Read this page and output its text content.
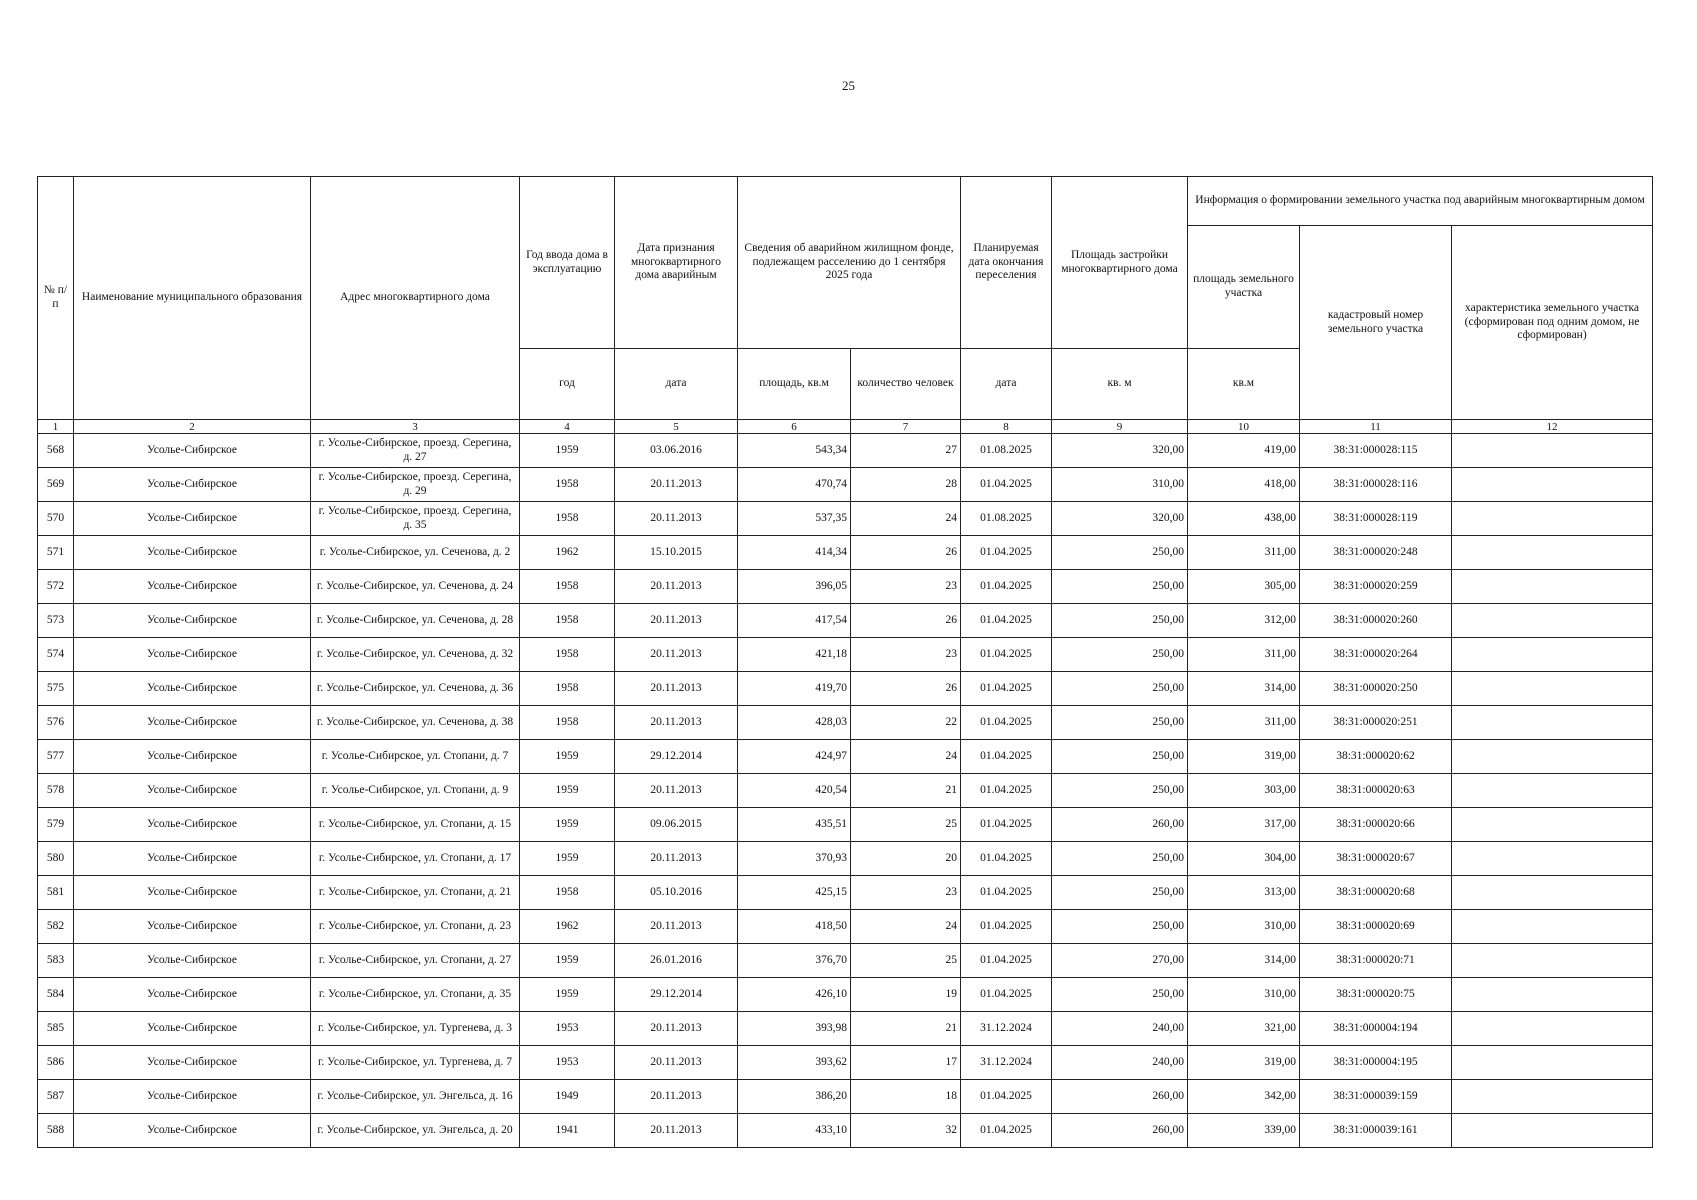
25
№ п/п	Наименование муниципального образования	Адрес многоквартирного дома	Год ввода дома в эксплуатацию	Дата признания многоквартирного дома аварийным	Сведения об аварийном жилищном фонде, подлежащем расселению до 1 сентября 2025 года		Планируемая дата окончания переселения	Площадь застройки многоквартирного дома	Информация о формировании земельного участка под аварийным многоквартирным домом		
									площадь земельного участка	кадастровый номер земельного участка	характеристика земельного участка (сформирован под одним домом, не сформирован)
			год	дата	площадь, кв.м	количество человек	дата	кв. м	кв.м		
1	2	3	4	5	6	7	8	9	10	11	12
568	Усолье-Сибирское	г. Усолье-Сибирское, проезд. Серегина, д. 27	1959	03.06.2016	543,34	27	01.08.2025	320,00	419,00	38:31:000028:115	
569	Усолье-Сибирское	г. Усолье-Сибирское, проезд. Серегина, д. 29	1958	20.11.2013	470,74	28	01.04.2025	310,00	418,00	38:31:000028:116	
570	Усолье-Сибирское	г. Усолье-Сибирское, проезд. Серегина, д. 35	1958	20.11.2013	537,35	24	01.08.2025	320,00	438,00	38:31:000028:119	
571	Усолье-Сибирское	г. Усолье-Сибирское, ул. Сеченова, д. 2	1962	15.10.2015	414,34	26	01.04.2025	250,00	311,00	38:31:000020:248	
572	Усолье-Сибирское	г. Усолье-Сибирское, ул. Сеченова, д. 24	1958	20.11.2013	396,05	23	01.04.2025	250,00	305,00	38:31:000020:259	
573	Усолье-Сибирское	г. Усолье-Сибирское, ул. Сеченова, д. 28	1958	20.11.2013	417,54	26	01.04.2025	250,00	312,00	38:31:000020:260	
574	Усолье-Сибирское	г. Усолье-Сибирское, ул. Сеченова, д. 32	1958	20.11.2013	421,18	23	01.04.2025	250,00	311,00	38:31:000020:264	
575	Усолье-Сибирское	г. Усолье-Сибирское, ул. Сеченова, д. 36	1958	20.11.2013	419,70	26	01.04.2025	250,00	314,00	38:31:000020:250	
576	Усолье-Сибирское	г. Усолье-Сибирское, ул. Сеченова, д. 38	1958	20.11.2013	428,03	22	01.04.2025	250,00	311,00	38:31:000020:251	
577	Усолье-Сибирское	г. Усолье-Сибирское, ул. Стопани, д. 7	1959	29.12.2014	424,97	24	01.04.2025	250,00	319,00	38:31:000020:62	
578	Усолье-Сибирское	г. Усолье-Сибирское, ул. Стопани, д. 9	1959	20.11.2013	420,54	21	01.04.2025	250,00	303,00	38:31:000020:63	
579	Усолье-Сибирское	г. Усолье-Сибирское, ул. Стопани, д. 15	1959	09.06.2015	435,51	25	01.04.2025	260,00	317,00	38:31:000020:66	
580	Усолье-Сибирское	г. Усолье-Сибирское, ул. Стопани, д. 17	1959	20.11.2013	370,93	20	01.04.2025	250,00	304,00	38:31:000020:67	
581	Усолье-Сибирское	г. Усолье-Сибирское, ул. Стопани, д. 21	1958	05.10.2016	425,15	23	01.04.2025	250,00	313,00	38:31:000020:68	
582	Усолье-Сибирское	г. Усолье-Сибирское, ул. Стопани, д. 23	1962	20.11.2013	418,50	24	01.04.2025	250,00	310,00	38:31:000020:69	
583	Усолье-Сибирское	г. Усолье-Сибирское, ул. Стопани, д. 27	1959	26.01.2016	376,70	25	01.04.2025	270,00	314,00	38:31:000020:71	
584	Усолье-Сибирское	г. Усолье-Сибирское, ул. Стопани, д. 35	1959	29.12.2014	426,10	19	01.04.2025	250,00	310,00	38:31:000020:75	
585	Усолье-Сибирское	г. Усолье-Сибирское, ул. Тургенева, д. 3	1953	20.11.2013	393,98	21	31.12.2024	240,00	321,00	38:31:000004:194	
586	Усолье-Сибирское	г. Усолье-Сибирское, ул. Тургенева, д. 7	1953	20.11.2013	393,62	17	31.12.2024	240,00	319,00	38:31:000004:195	
587	Усолье-Сибирское	г. Усолье-Сибирское, ул. Энгельса, д. 16	1949	20.11.2013	386,20	18	01.04.2025	260,00	342,00	38:31:000039:159	
588	Усолье-Сибирское	г. Усолье-Сибирское, ул. Энгельса, д. 20	1941	20.11.2013	433,10	32	01.04.2025	260,00	339,00	38:31:000039:161	
